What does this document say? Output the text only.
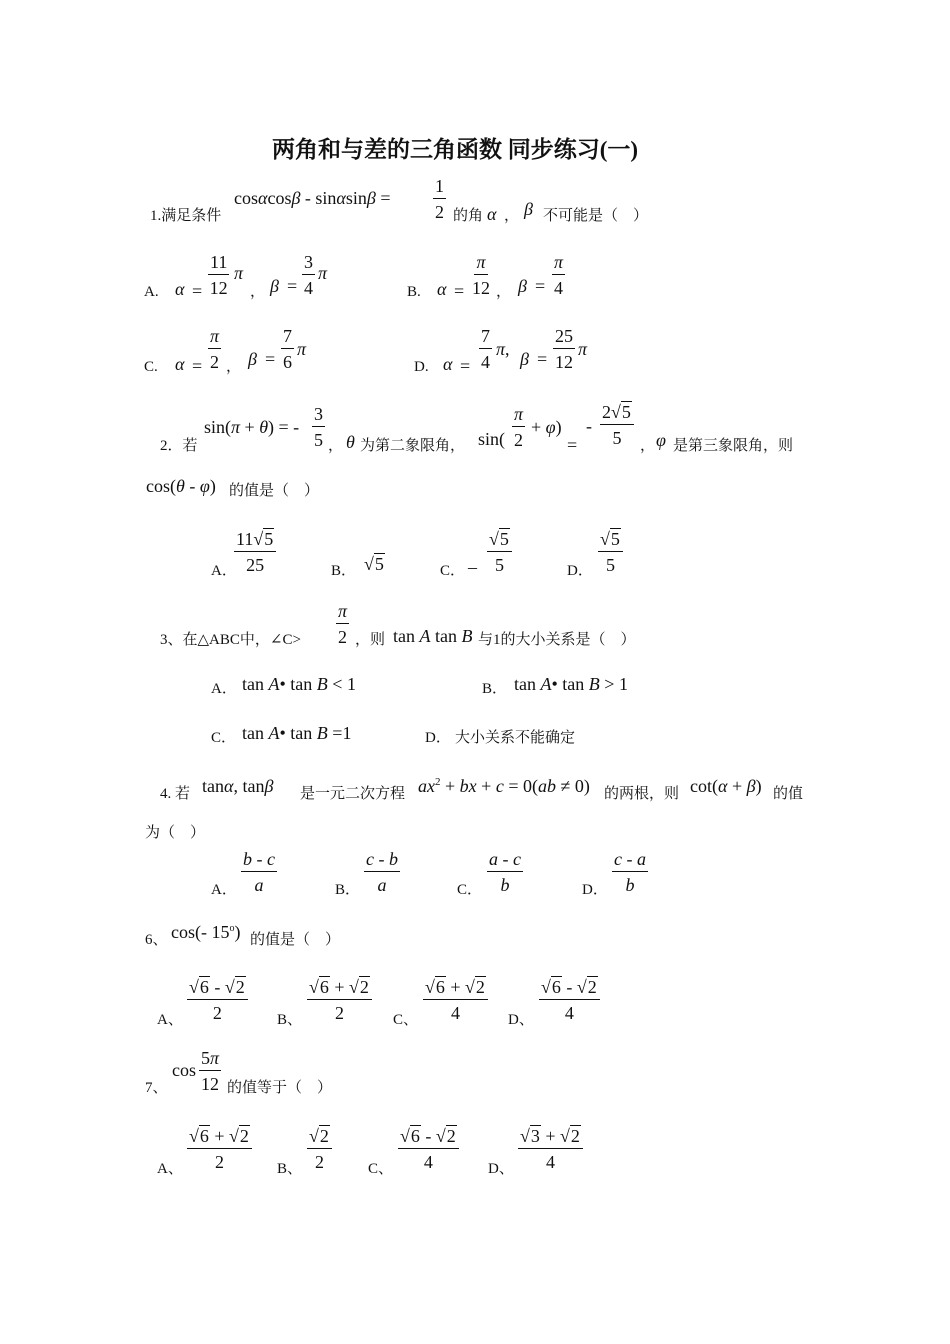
两角和与差的三角函数 同步练习(一)
1.满足条件
$\cos\alpha\cos\beta - \sin\alpha\sin\beta = \frac{1}{2}$ 的角 α ， β 不可能是（　）
A. $\alpha = \frac{11}{12}$ π
， $\beta = \frac{3}{4}$ π
B. $\alpha = \frac{\pi}{12}$ ， $\beta = \frac{\pi}{4}$
C. $\alpha = \frac{\pi}{2}$ ， $\beta = \frac{7}{6}$ π
D. $\alpha = \frac{7}{4} \pi$, $\beta = \frac{25}{12}$ π
2．若
sin(π + θ) = - $\frac{3}{5}$ ， θ 为第二象限角， $\sin( \frac{\pi}{2} + \varphi)$
=
- $\frac{2√5}{5}$ ， φ 是第三象限角，则
cos(θ - φ) 的值是（　）
A．
$\frac{11√5}{25}$	B． √5	C． – $\frac{√5}{5}$	D． $\frac{√5}{5}$
3、在△ABC中，∠C> $\frac{\pi}{2}$ ，则 tan A tan B 与1的大小关系是（　）
A． tan A• tan B < 1	B． tan A• tan B > 1
C． tan A• tan B =1	D． 大小关系不能确定
4. 若 tanα, tanβ 是一元二次方程 $ax^2$ + bx + c = 0(ab ≠ 0) 的两根，则 cot(α + β) 的值
为（　）
A． $\frac{b - c}{a}$	B． $\frac{c - b}{a}$	C． $\frac{a - c}{b}$	D． $\frac{c - a}{b}$
6、 cos(- 15$^o$) 的值是（　）
A、 $\frac{√6 - √2}{2}$ B、 $\frac{√6 + √2}{2}$ C、 $\frac{√6 + √2}{4}$ D、 $\frac{√6 - √2}{4}$
7、
$\cos \frac{5\pi}{12}$ 的值等于（　）
A、 $\frac{√6 + √2}{2}$ B、 $\frac{√2}{2}$ C、 $\frac{√6 - √2}{4}$ D、 $\frac{√3 + √2}{4}$
